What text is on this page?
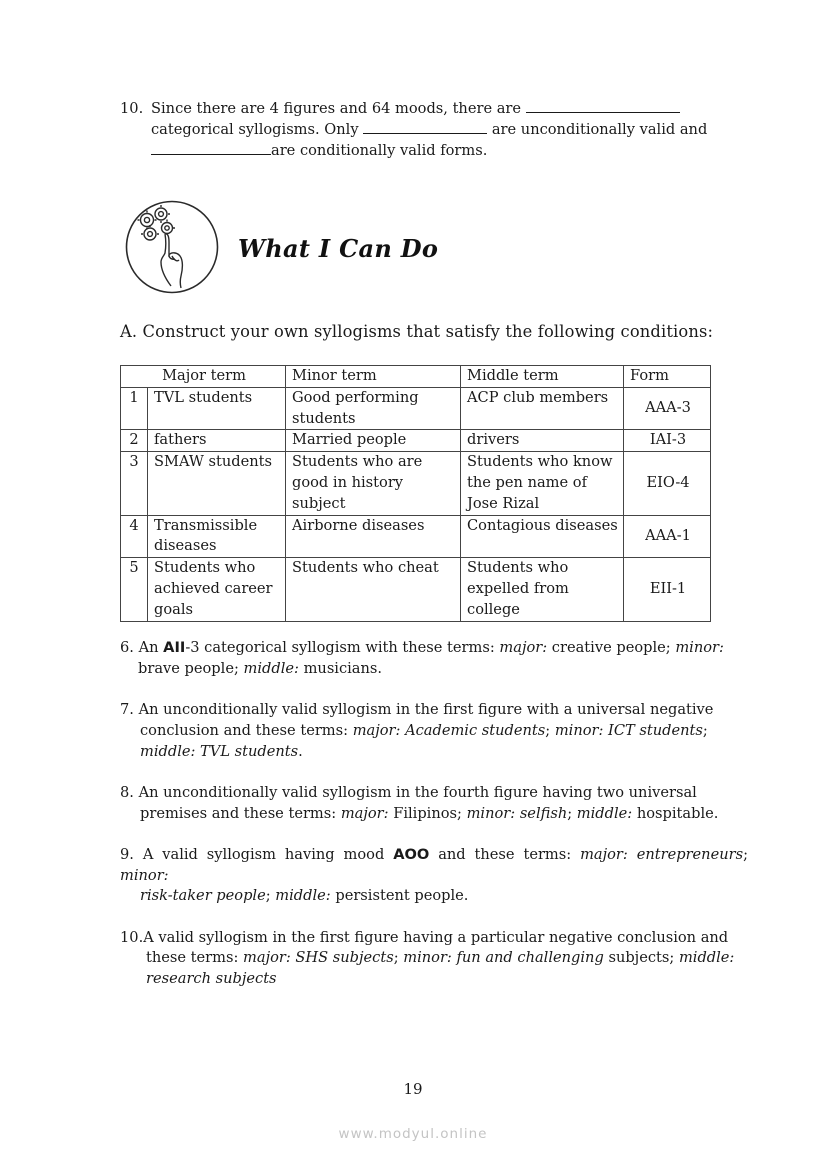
10. Since there are 4 figures and 64 moods, there are
categorical syllogisms. Only	are unconditionally valid and
are conditionally valid forms.
What I Can Do
A. Construct your own syllogisms that satisfy the following conditions:
Major term		Minor term	Middle term	Form
1	TVL students	Good performing students	ACP club members	AAA-3
2	fathers	Married people	drivers	IAI-3
3	SMAW students	Students who are good in history subject	Students who know the pen name of Jose Rizal	EIO-4
4	Transmissible diseases	Airborne diseases	Contagious diseases	AAA-1
5	Students who achieved career goals	Students who cheat	Students who expelled from college	EII-1
6. An AII-3 categorical syllogism with these terms: major: creative people; minor:
brave people; middle: musicians.
7. An unconditionally valid syllogism in the first figure with a universal negative
conclusion and these terms: major: Academic students; minor: ICT students;
middle: TVL students.
8. An unconditionally valid syllogism in the fourth figure having two universal
premises and these terms: major: Filipinos; minor: selfish; middle: hospitable.
9. A valid syllogism having mood AOO and these terms: major: entrepreneurs; minor:
risk-taker people; middle: persistent people.
10.A valid syllogism in the first figure having a particular negative conclusion and
these terms: major: SHS subjects; minor: fun and challenging subjects; middle:
research subjects
19
www.modyul.online
